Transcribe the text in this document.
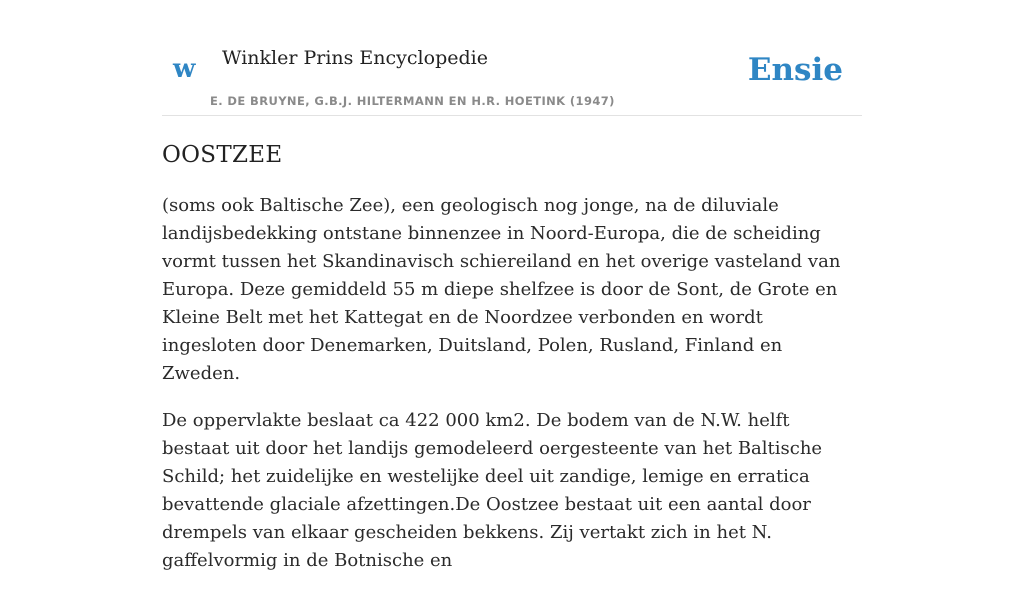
w Winkler Prins Encyclopedie
E. DE BRUYNE, G.B.J. HILTERMANN EN H.R. HOETINK (1947)
Ensie
OOSTZEE

(soms ook Baltische Zee), een geologisch nog jonge, na de diluviale landijsbedekking ontstane binnenzee in Noord-Europa, die de scheiding vormt tussen het Skandinavisch schiereiland en het overige vasteland van Europa. Deze gemiddeld 55 m diepe shelfzee is door de Sont, de Grote en Kleine Belt met het Kattegat en de Noordzee verbonden en wordt ingesloten door Denemarken, Duitsland, Polen, Rusland, Finland en Zweden.

De oppervlakte beslaat ca 422 000 km2. De bodem van de N.W. helft bestaat uit door het landijs gemodeleerd oergesteente van het Baltische Schild; het zuidelijke en westelijke deel uit zandige, lemige en erratica bevattende glaciale afzettingen.De Oostzee bestaat uit een aantal door drempels van elkaar gescheiden bekkens. Zij vertakt zich in het N. gaffelvormig in de Botnische en
